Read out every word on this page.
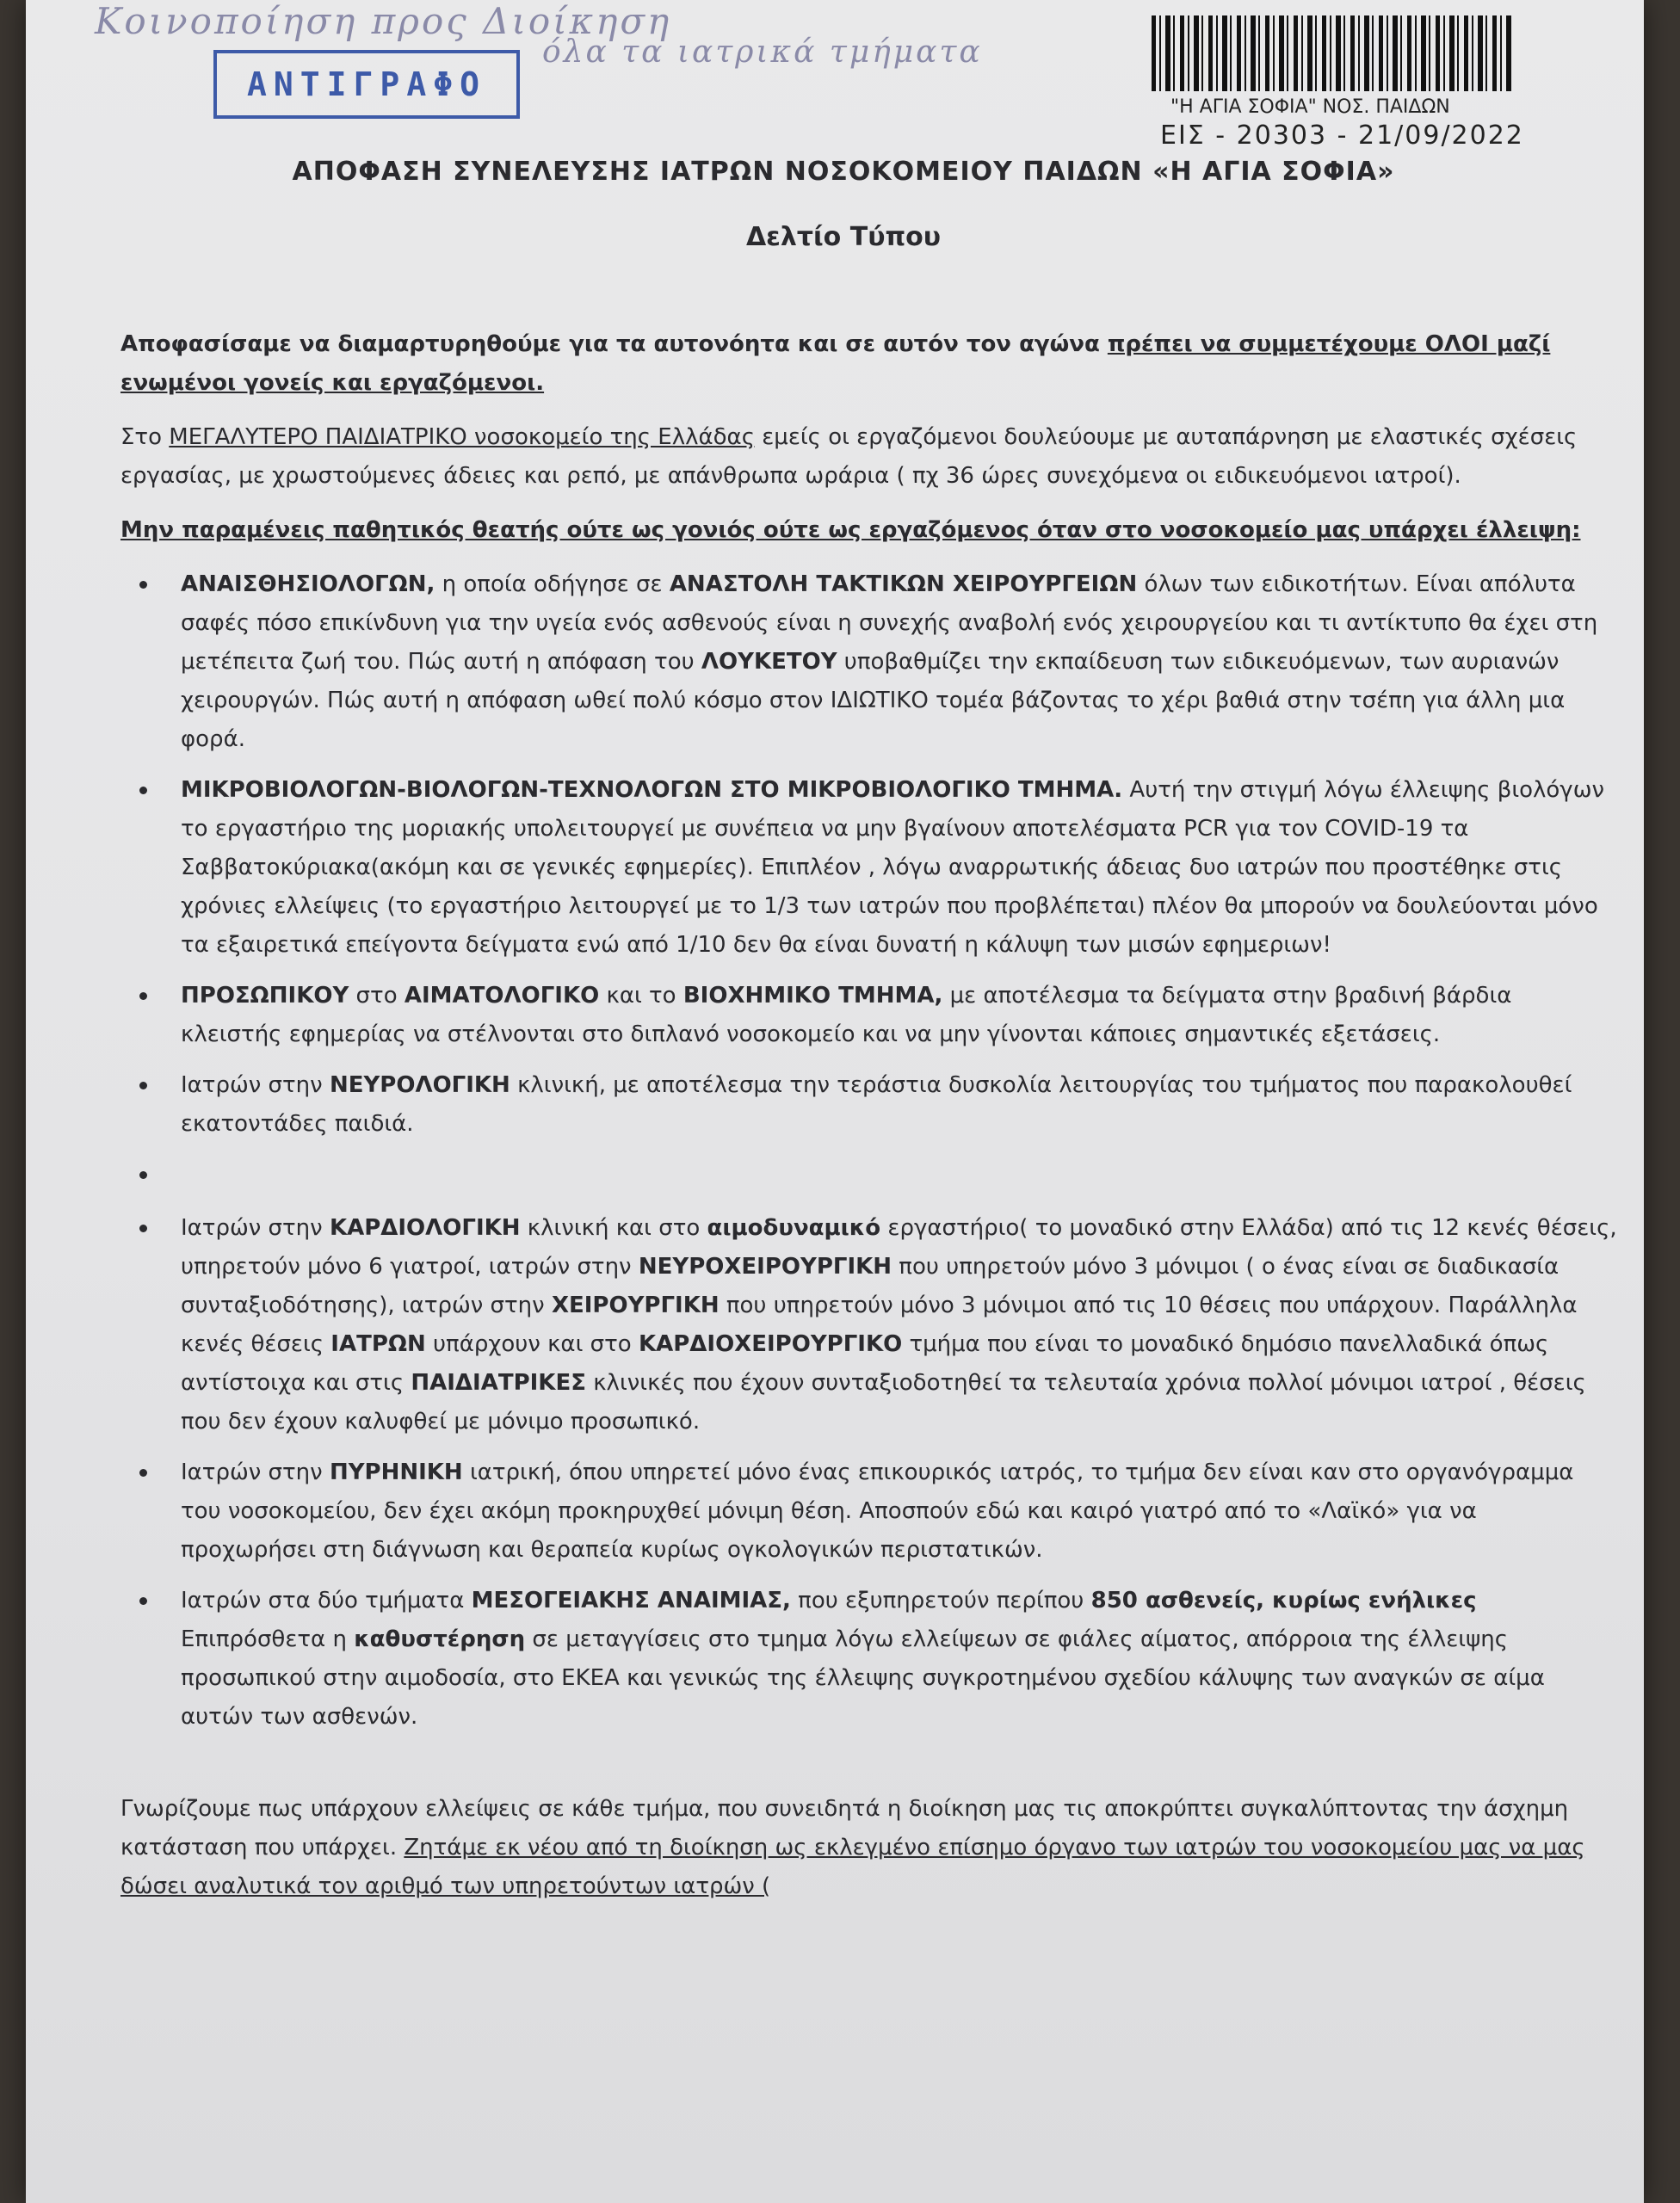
Κοινοποίηση προς Διοίκηση
όλα τα ιατρικά τμήματα
ΑΝΤΙΓΡΑΦΟ
"Η ΑΓΙΑ ΣΟΦΙΑ" ΝΟΣ. ΠΑΙΔΩΝ
ΕΙΣ - 20303 - 21/09/2022
ΑΠΟΦΑΣΗ ΣΥΝΕΛΕΥΣΗΣ ΙΑΤΡΩΝ ΝΟΣΟΚΟΜΕΙΟΥ ΠΑΙΔΩΝ «Η ΑΓΙΑ ΣΟΦΙΑ»
Δελτίο Τύπου

Αποφασίσαμε να διαμαρτυρηθούμε για τα αυτονόητα και σε αυτόν τον αγώνα πρέπει να συμμετέχουμε ΟΛΟΙ μαζί ενωμένοι γονείς και εργαζόμενοι.

Στο ΜΕΓΑΛΥΤΕΡΟ ΠΑΙΔΙΑΤΡΙΚΟ νοσοκομείο της Ελλάδας εμείς οι εργαζόμενοι δουλεύουμε με αυταπάρνηση με ελαστικές σχέσεις εργασίας, με χρωστούμενες άδειες και ρεπό, με απάνθρωπα ωράρια ( πχ 36 ώρες συνεχόμενα οι ειδικευόμενοι ιατροί).

Μην παραμένεις παθητικός θεατής ούτε ως γονιός ούτε ως εργαζόμενος όταν στο νοσοκομείο μας υπάρχει έλλειψη:

ΑΝΑΙΣΘΗΣΙΟΛΟΓΩΝ, η οποία οδήγησε σε ΑΝΑΣΤΟΛΗ ΤΑΚΤΙΚΩΝ ΧΕΙΡΟΥΡΓΕΙΩΝ όλων των ειδικοτήτων. Είναι απόλυτα σαφές πόσο επικίνδυνη για την υγεία ενός ασθενούς είναι η συνεχής αναβολή ενός χειρουργείου και τι αντίκτυπο θα έχει στη μετέπειτα ζωή του. Πώς αυτή η απόφαση του ΛΟΥΚΕΤΟΥ υποβαθμίζει την εκπαίδευση των ειδικευόμενων, των αυριανών χειρουργών. Πώς αυτή η απόφαση ωθεί πολύ κόσμο στον ΙΔΙΩΤΙΚΟ τομέα βάζοντας το χέρι βαθιά στην τσέπη για άλλη μια φορά.
ΜΙΚΡΟΒΙΟΛΟΓΩΝ-ΒΙΟΛΟΓΩΝ-ΤΕΧΝΟΛΟΓΩΝ ΣΤΟ ΜΙΚΡΟΒΙΟΛΟΓΙΚΟ ΤΜΗΜΑ. Αυτή την στιγμή λόγω έλλειψης βιολόγων το εργαστήριο της μοριακής υπολειτουργεί με συνέπεια να μην βγαίνουν αποτελέσματα PCR για τον COVID-19 τα Σαββατοκύριακα(ακόμη και σε γενικές εφημερίες). Επιπλέον , λόγω αναρρωτικής άδειας δυο ιατρών που προστέθηκε στις χρόνιες ελλείψεις (το εργαστήριο λειτουργεί με το 1/3 των ιατρών που προβλέπεται) πλέον θα μπορούν να δουλεύονται μόνο τα εξαιρετικά επείγοντα δείγματα ενώ από 1/10 δεν θα είναι δυνατή η κάλυψη των μισών εφημεριων!
ΠΡΟΣΩΠΙΚΟΥ στο ΑΙΜΑΤΟΛΟΓΙΚΟ και το ΒΙΟΧΗΜΙΚΟ ΤΜΗΜΑ, με αποτέλεσμα τα δείγματα στην βραδινή βάρδια κλειστής εφημερίας να στέλνονται στο διπλανό νοσοκομείο και να μην γίνονται κάποιες σημαντικές εξετάσεις.
Ιατρών στην ΝΕΥΡΟΛΟΓΙΚΗ κλινική, με αποτέλεσμα την τεράστια δυσκολία λειτουργίας του τμήματος που παρακολουθεί εκατοντάδες παιδιά.
Ιατρών στην ΚΑΡΔΙΟΛΟΓΙΚΗ κλινική και στο αιμοδυναμικό εργαστήριο( το μοναδικό στην Ελλάδα) από τις 12 κενές θέσεις, υπηρετούν μόνο 6 γιατροί, ιατρών στην ΝΕΥΡΟΧΕΙΡΟΥΡΓΙΚΗ που υπηρετούν μόνο 3 μόνιμοι ( ο ένας είναι σε διαδικασία συνταξιοδότησης), ιατρών στην ΧΕΙΡΟΥΡΓΙΚΗ που υπηρετούν μόνο 3 μόνιμοι από τις 10 θέσεις που υπάρχουν. Παράλληλα κενές θέσεις ΙΑΤΡΩΝ υπάρχουν και στο ΚΑΡΔΙΟΧΕΙΡΟΥΡΓΙΚΟ τμήμα που είναι το μοναδικό δημόσιο πανελλαδικά όπως αντίστοιχα και στις ΠΑΙΔΙΑΤΡΙΚΕΣ κλινικές που έχουν συνταξιοδοτηθεί τα τελευταία χρόνια πολλοί μόνιμοι ιατροί , θέσεις που δεν έχουν καλυφθεί με μόνιμο προσωπικό.
Ιατρών στην ΠΥΡΗΝΙΚΗ ιατρική, όπου υπηρετεί μόνο ένας επικουρικός ιατρός, το τμήμα δεν είναι καν στο οργανόγραμμα του νοσοκομείου, δεν έχει ακόμη προκηρυχθεί μόνιμη θέση. Αποσπούν εδώ και καιρό γιατρό από το «Λαϊκό» για να προχωρήσει στη διάγνωση και θεραπεία κυρίως ογκολογικών περιστατικών.
Ιατρών στα δύο τμήματα ΜΕΣΟΓΕΙΑΚΗΣ ΑΝΑΙΜΙΑΣ, που εξυπηρετούν περίπου 850 ασθενείς, κυρίως ενήλικες Επιπρόσθετα η καθυστέρηση σε μεταγγίσεις στο τμημα λόγω ελλείψεων σε φιάλες αίματος, απόρροια της έλλειψης προσωπικού στην αιμοδοσία, στο ΕΚΕΑ και γενικώς της έλλειψης συγκροτημένου σχεδίου κάλυψης των αναγκών σε αίμα αυτών των ασθενών.

Γνωρίζουμε πως υπάρχουν ελλείψεις σε κάθε τμήμα, που συνειδητά η διοίκηση μας τις αποκρύπτει συγκαλύπτοντας την άσχημη κατάσταση που υπάρχει. Ζητάμε εκ νέου από τη διοίκηση ως εκλεγμένο επίσημο όργανο των ιατρών του νοσοκομείου μας να μας δώσει αναλυτικά τον αριθμό των υπηρετούντων ιατρών (
